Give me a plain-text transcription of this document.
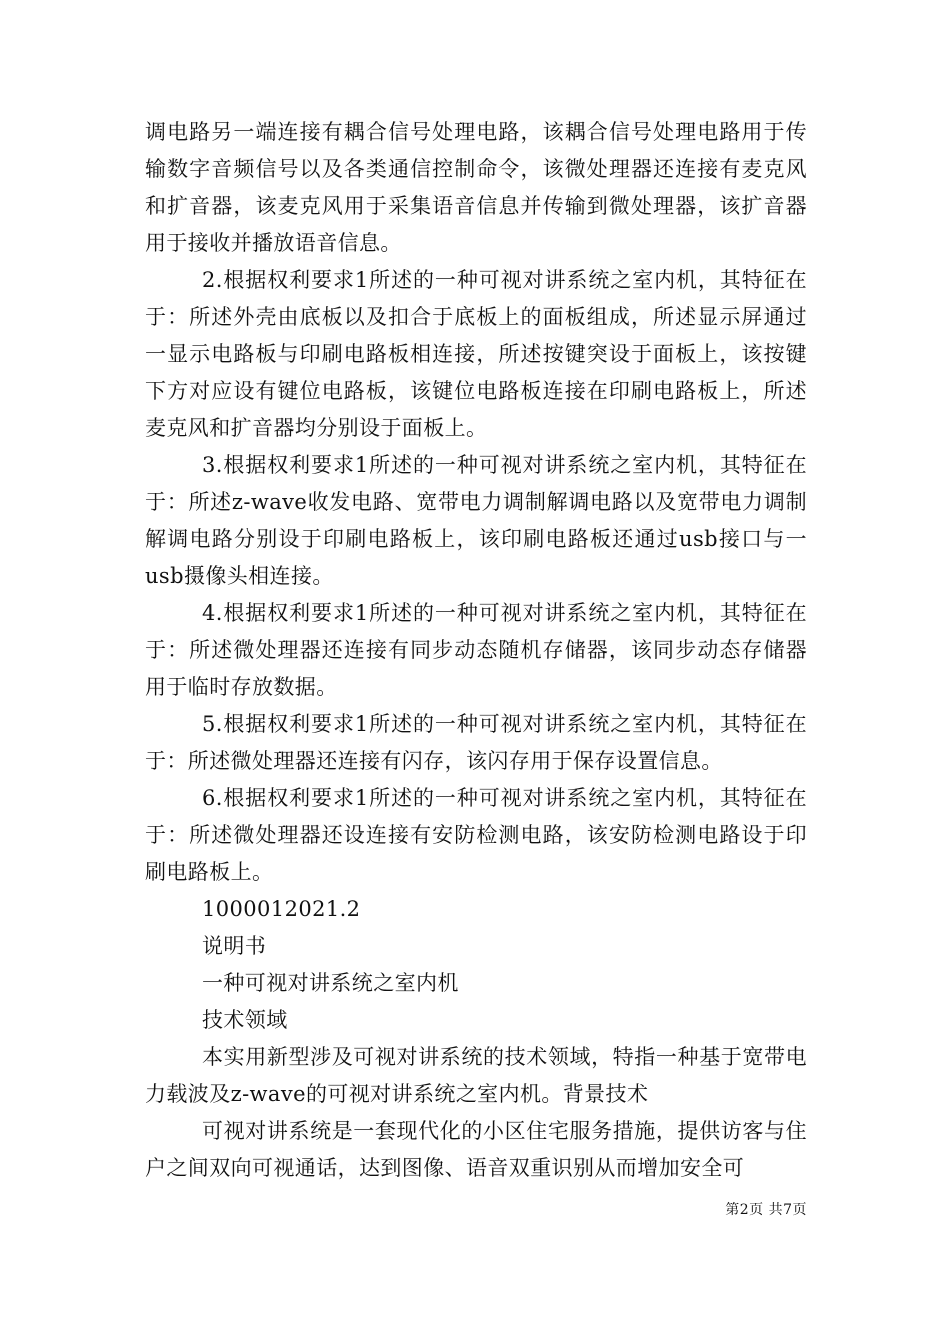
调电路另一端连接有耦合信号处理电路，该耦合信号处理电路用于传输数字音频信号以及各类通信控制命令，该微处理器还连接有麦克风和扩音器，该麦克风用于采集语音信息并传输到微处理器，该扩音器用于接收并播放语音信息。

2.根据权利要求1所述的一种可视对讲系统之室内机，其特征在于：所述外壳由底板以及扣合于底板上的面板组成，所述显示屏通过一显示电路板与印刷电路板相连接，所述按键突设于面板上，该按键下方对应设有键位电路板，该键位电路板连接在印刷电路板上，所述麦克风和扩音器均分别设于面板上。

3.根据权利要求1所述的一种可视对讲系统之室内机，其特征在于：所述z-wave收发电路、宽带电力调制解调电路以及宽带电力调制解调电路分别设于印刷电路板上，该印刷电路板还通过usb接口与一usb摄像头相连接。

4.根据权利要求1所述的一种可视对讲系统之室内机，其特征在于：所述微处理器还连接有同步动态随机存储器，该同步动态存储器用于临时存放数据。

5.根据权利要求1所述的一种可视对讲系统之室内机，其特征在于：所述微处理器还连接有闪存，该闪存用于保存设置信息。

6.根据权利要求1所述的一种可视对讲系统之室内机，其特征在于：所述微处理器还设连接有安防检测电路，该安防检测电路设于印刷电路板上。

1000012021.2

说明书

一种可视对讲系统之室内机

技术领域

本实用新型涉及可视对讲系统的技术领域，特指一种基于宽带电力载波及z-wave的可视对讲系统之室内机。背景技术

可视对讲系统是一套现代化的小区住宅服务措施，提供访客与住户之间双向可视通话，达到图像、语音双重识别从而增加安全可

第2页 共7页
